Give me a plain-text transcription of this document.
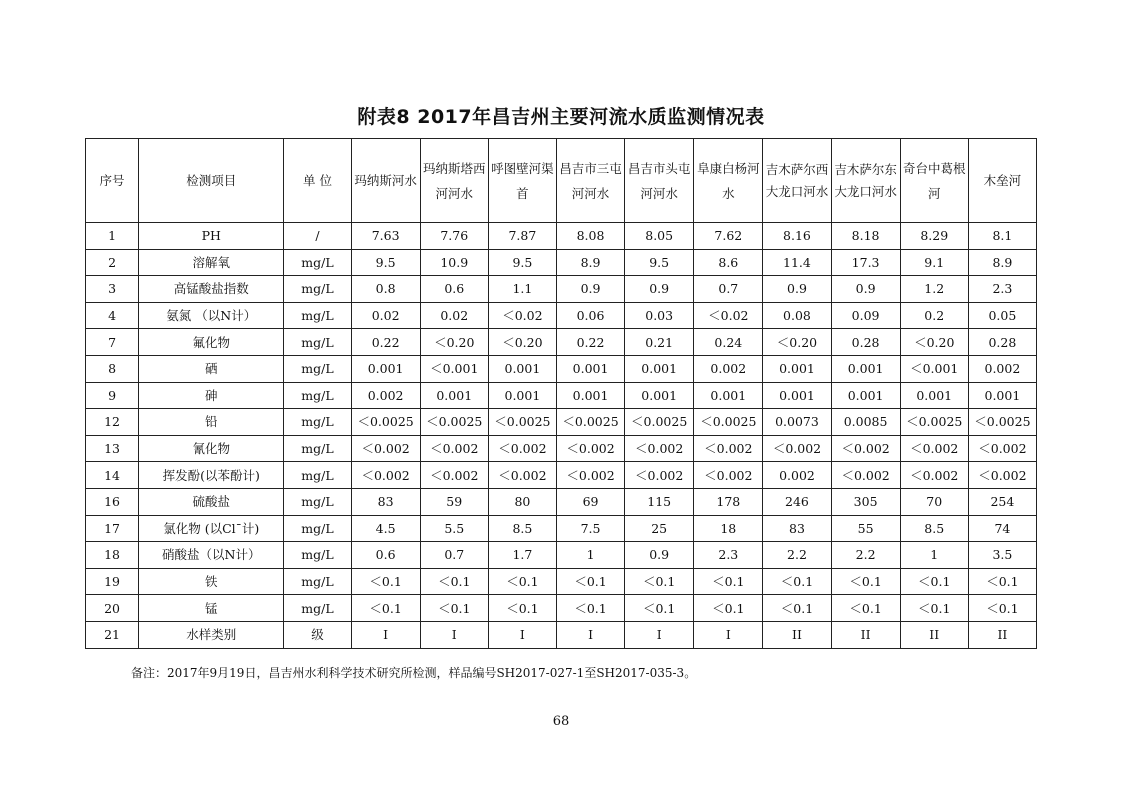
附表8 2017年昌吉州主要河流水质监测情况表
序号	检测项目	单 位	玛纳斯河水	玛纳斯塔西河河水	呼图壁河渠首	昌吉市三屯河河水	昌吉市头屯河河水	阜康白杨河水	吉木萨尔西大龙口河水	吉木萨尔东大龙口河水	奇台中葛根河	木垒河
1	PH	/	7.63	7.76	7.87	8.08	8.05	7.62	8.16	8.18	8.29	8.1
2	溶解氧	mg/L	9.5	10.9	9.5	8.9	9.5	8.6	11.4	17.3	9.1	8.9
3	高锰酸盐指数	mg/L	0.8	0.6	1.1	0.9	0.9	0.7	0.9	0.9	1.2	2.3
4	氨氮 （以N计）	mg/L	0.02	0.02	＜0.02	0.06	0.03	＜0.02	0.08	0.09	0.2	0.05
7	氟化物	mg/L	0.22	＜0.20	＜0.20	0.22	0.21	0.24	＜0.20	0.28	＜0.20	0.28
8	硒	mg/L	0.001	＜0.001	0.001	0.001	0.001	0.002	0.001	0.001	＜0.001	0.002
9	砷	mg/L	0.002	0.001	0.001	0.001	0.001	0.001	0.001	0.001	0.001	0.001
12	铅	mg/L	＜0.0025	＜0.0025	＜0.0025	＜0.0025	＜0.0025	＜0.0025	0.0073	0.0085	＜0.0025	＜0.0025
13	氰化物	mg/L	＜0.002	＜0.002	＜0.002	＜0.002	＜0.002	＜0.002	＜0.002	＜0.002	＜0.002	＜0.002
14	挥发酚(以苯酚计)	mg/L	＜0.002	＜0.002	＜0.002	＜0.002	＜0.002	＜0.002	0.002	＜0.002	＜0.002	＜0.002
16	硫酸盐	mg/L	83	59	80	69	115	178	246	305	70	254
17	氯化物 (以Cl¯计)	mg/L	4.5	5.5	8.5	7.5	25	18	83	55	8.5	74
18	硝酸盐（以N计）	mg/L	0.6	0.7	1.7	1	0.9	2.3	2.2	2.2	1	3.5
19	铁	mg/L	＜0.1	＜0.1	＜0.1	＜0.1	＜0.1	＜0.1	＜0.1	＜0.1	＜0.1	＜0.1
20	锰	mg/L	＜0.1	＜0.1	＜0.1	＜0.1	＜0.1	＜0.1	＜0.1	＜0.1	＜0.1	＜0.1
21	水样类别	级	I	I	I	I	I	I	II	II	II	II
备注：2017年9月19日，昌吉州水利科学技术研究所检测，样品编号SH2017-027-1至SH2017-035-3。
68
